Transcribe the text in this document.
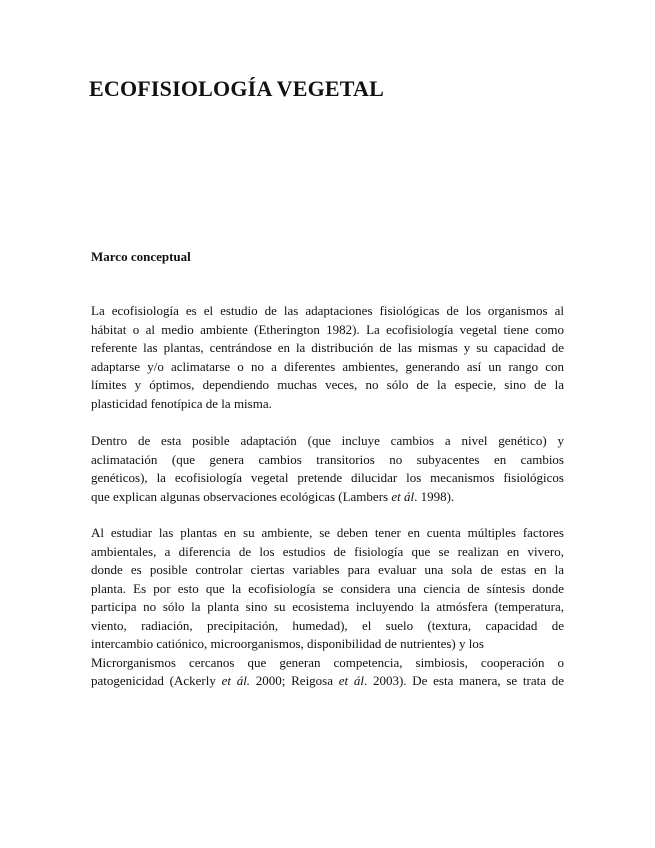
ECOFISIOLOGÍA VEGETAL
Marco conceptual
La ecofisiología es el estudio de las adaptaciones fisiológicas de los organismos al
hábitat o al medio ambiente (Etherington 1982). La ecofisiología vegetal tiene como
referente las plantas, centrándose en la distribución de las mismas y su capacidad de
adaptarse y/o aclimatarse o no a diferentes ambientes, generando así un rango con
límites y óptimos, dependiendo muchas veces, no sólo de la especie, sino de la
plasticidad fenotípica de la misma.
Dentro de esta posible adaptación (que incluye cambios a nivel genético) y
aclimatación (que genera cambios transitorios no subyacentes en cambios
genéticos), la ecofisiología vegetal pretende dilucidar los mecanismos fisiológicos
que explican algunas observaciones ecológicas (Lambers et ál. 1998).
Al estudiar las plantas en su ambiente, se deben tener en cuenta múltiples factores
ambientales, a diferencia de los estudios de fisiología que se realizan en vivero,
donde es posible controlar ciertas variables para evaluar una sola de estas en la
planta. Es por esto que la ecofisiología se considera una ciencia de síntesis donde
participa no sólo la planta sino su ecosistema incluyendo la atmósfera (temperatura,
viento, radiación, precipitación, humedad), el suelo (textura, capacidad de
intercambio catiónico, microorganismos, disponibilidad de nutrientes) y los
Microrganismos cercanos que generan competencia, simbiosis, cooperación o
patogenicidad (Ackerly et ál. 2000; Reigosa et ál. 2003). De esta manera, se trata de
